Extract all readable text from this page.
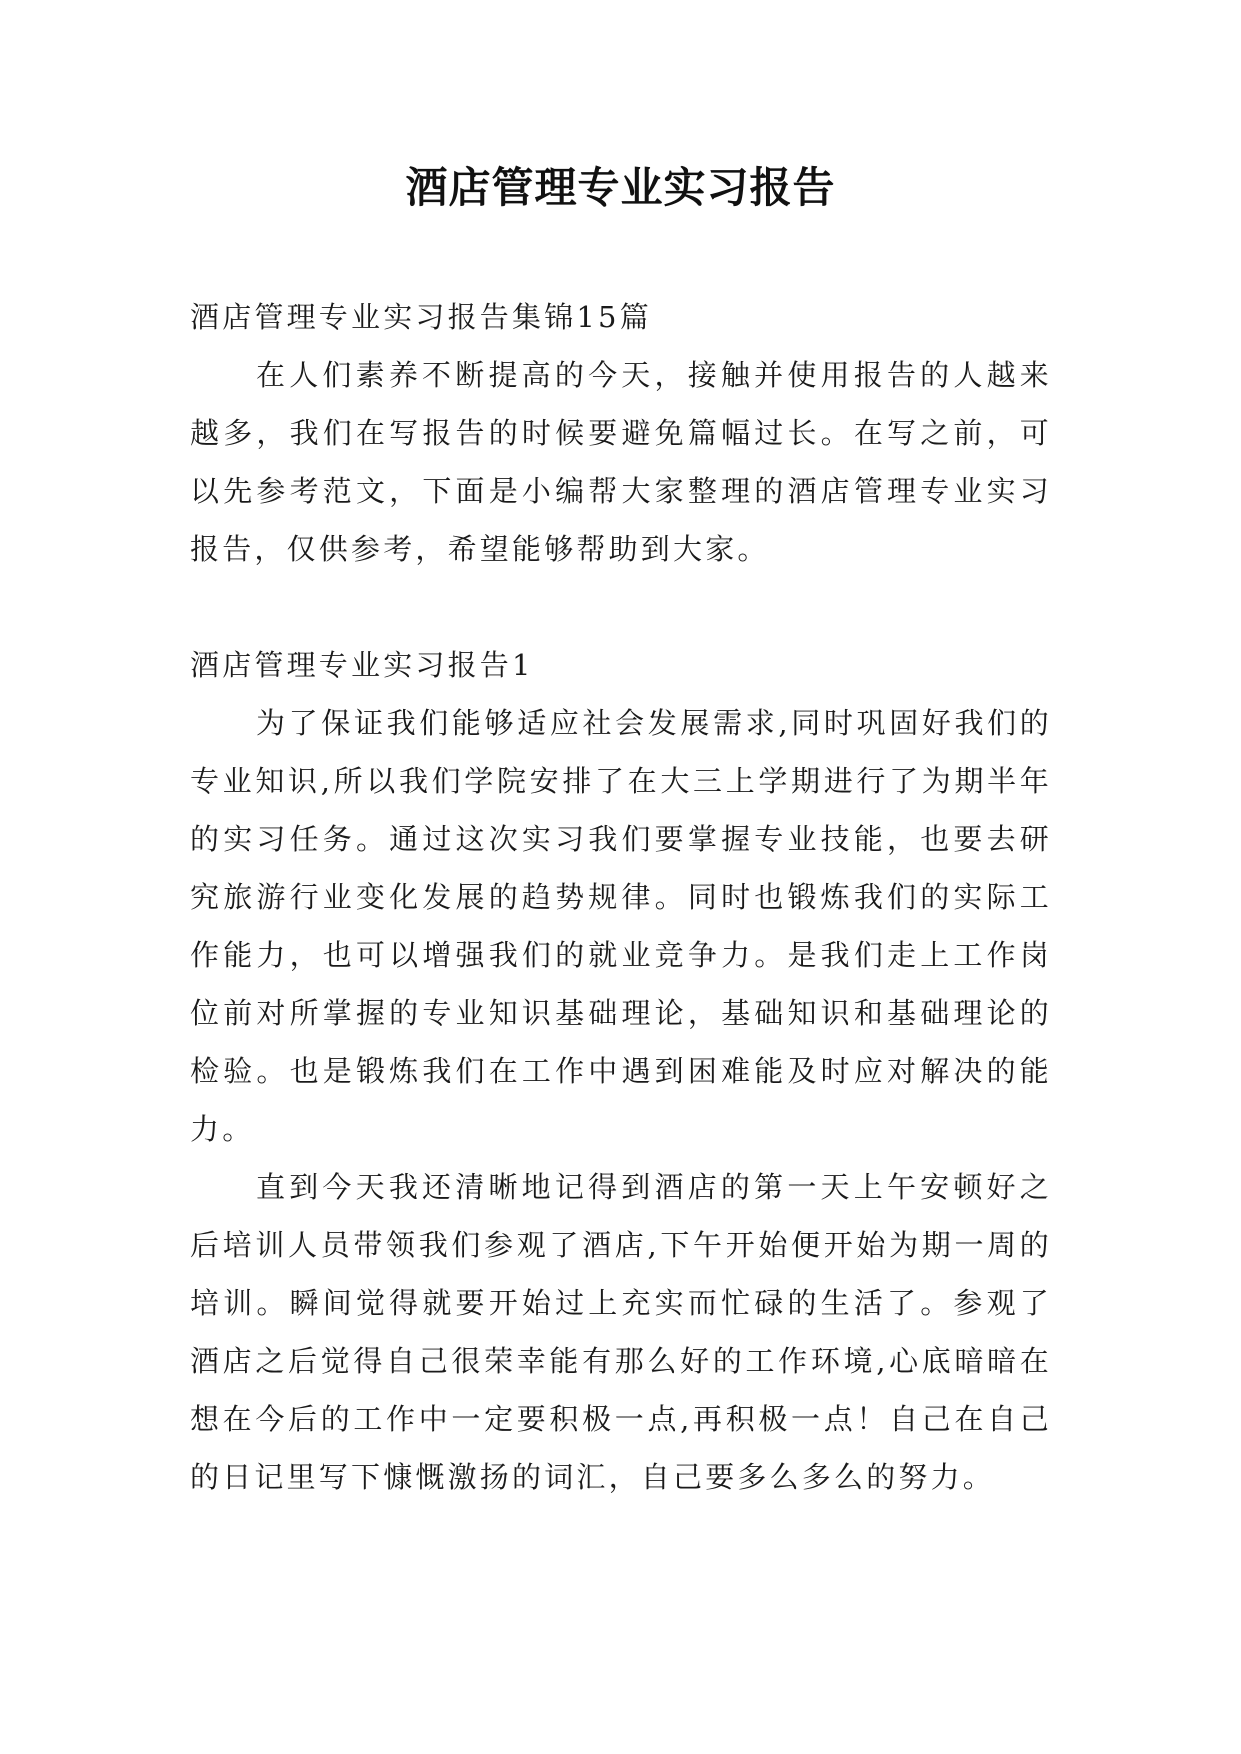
酒店管理专业实习报告

酒店管理专业实习报告集锦15篇

在人们素养不断提高的今天，接触并使用报告的人越来越多，我们在写报告的时候要避免篇幅过长。在写之前，可以先参考范文，下面是小编帮大家整理的酒店管理专业实习报告，仅供参考，希望能够帮助到大家。

酒店管理专业实习报告1

为了保证我们能够适应社会发展需求,同时巩固好我们的专业知识,所以我们学院安排了在大三上学期进行了为期半年的实习任务。通过这次实习我们要掌握专业技能，也要去研究旅游行业变化发展的趋势规律。同时也锻炼我们的实际工作能力，也可以增强我们的就业竞争力。是我们走上工作岗位前对所掌握的专业知识基础理论，基础知识和基础理论的检验。也是锻炼我们在工作中遇到困难能及时应对解决的能力。

直到今天我还清晰地记得到酒店的第一天上午安顿好之后培训人员带领我们参观了酒店,下午开始便开始为期一周的培训。瞬间觉得就要开始过上充实而忙碌的生活了。参观了酒店之后觉得自己很荣幸能有那么好的工作环境,心底暗暗在想在今后的工作中一定要积极一点,再积极一点！自己在自己的日记里写下慷慨激扬的词汇，自己要多么多么的努力。
